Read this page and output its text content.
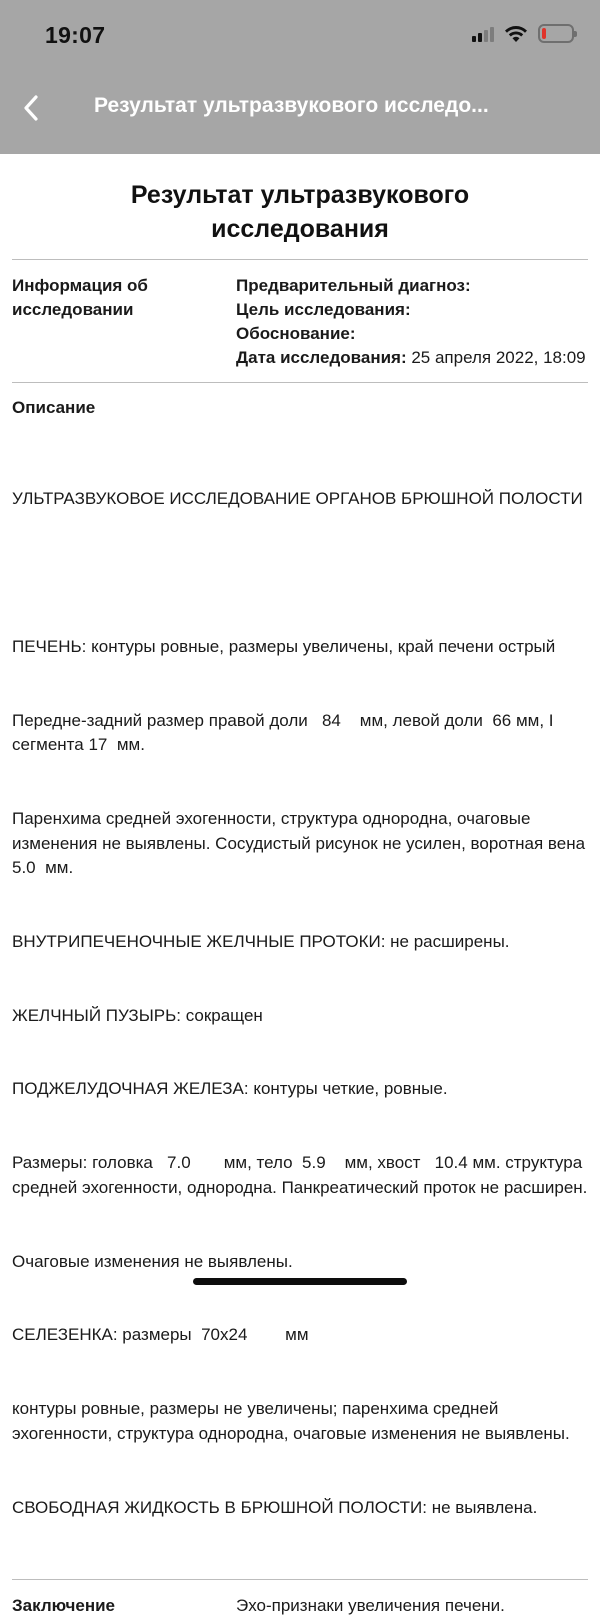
19:07
Результат ультразвукового исследо...
Результат ультразвукового исследования
Информация об исследовании
Предварительный диагноз:
Цель исследования:
Обоснование:
Дата исследования: 25 апреля 2022, 18:09
Описание

УЛЬТРАЗВУКОВОЕ ИССЛЕДОВАНИЕ ОРГАНОВ БРЮШНОЙ ПОЛОСТИ

ПЕЧЕНЬ: контуры ровные, размеры увеличены, край печени острый

Передне-задний размер правой доли   84    мм, левой доли  66 мм, I сегмента 17  мм.

Паренхима средней эхогенности, структура однородна, очаговые изменения не выявлены. Сосудистый рисунок не усилен, воротная вена  5.0  мм.

ВНУТРИПЕЧЕНОЧНЫЕ ЖЕЛЧНЫЕ ПРОТОКИ: не расширены.

ЖЕЛЧНЫЙ ПУЗЫРЬ: сокращен

ПОДЖЕЛУДОЧНАЯ ЖЕЛЕЗА: контуры четкие, ровные.

Размеры: головка   7.0       мм, тело  5.9    мм, хвост   10.4 мм. структура средней эхогенности, однородна. Панкреатический проток не расширен.

Очаговые изменения не выявлены.

СЕЛЕЗЕНКА: размеры  70x24        мм

контуры ровные, размеры не увеличены; паренхима средней эхогенности, структура однородна, очаговые изменения не выявлены.

СВОБОДНАЯ ЖИДКОСТЬ В БРЮШНОЙ ПОЛОСТИ: не выявлена.

Заключение	Эхо-признаки увеличения печени.
